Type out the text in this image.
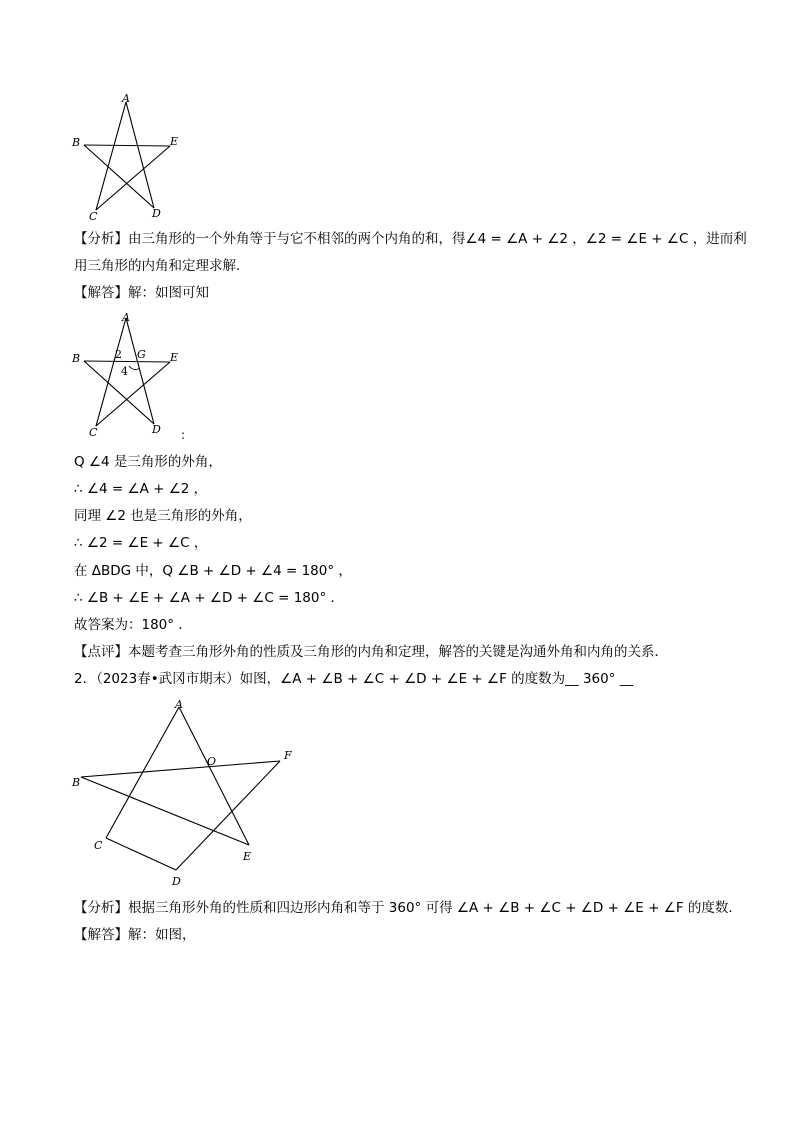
A
B	E
C	D
【分析】由三角形的一个外角等于与它不相邻的两个内角的和，得∠4 = ∠A + ∠2 ，∠2 = ∠E + ∠C ，进而利
用三角形的内角和定理求解．
【解答】解：如图可知
A
B	E
C	D
G
2
4
:
Q ∠4 是三角形的外角，
∴ ∠4 = ∠A + ∠2 ，
同理 ∠2 也是三角形的外角，
∴ ∠2 = ∠E + ∠C ，
在 ΔBDG 中，Q ∠B + ∠D + ∠4 = 180° ，
∴ ∠B + ∠E + ∠A + ∠D + ∠C = 180° ．
故答案为：180° ．
【点评】本题考查三角形外角的性质及三角形的内角和定理，解答的关键是沟通外角和内角的关系．
2．（2023春•武冈市期末）如图，∠A + ∠B + ∠C + ∠D + ∠E + ∠F 的度数为__ 360° __
A
O	F
B
C
E
D
【分析】根据三角形外角的性质和四边形内角和等于 360° 可得 ∠A + ∠B + ∠C + ∠D + ∠E + ∠F 的度数．
【解答】解：如图，
